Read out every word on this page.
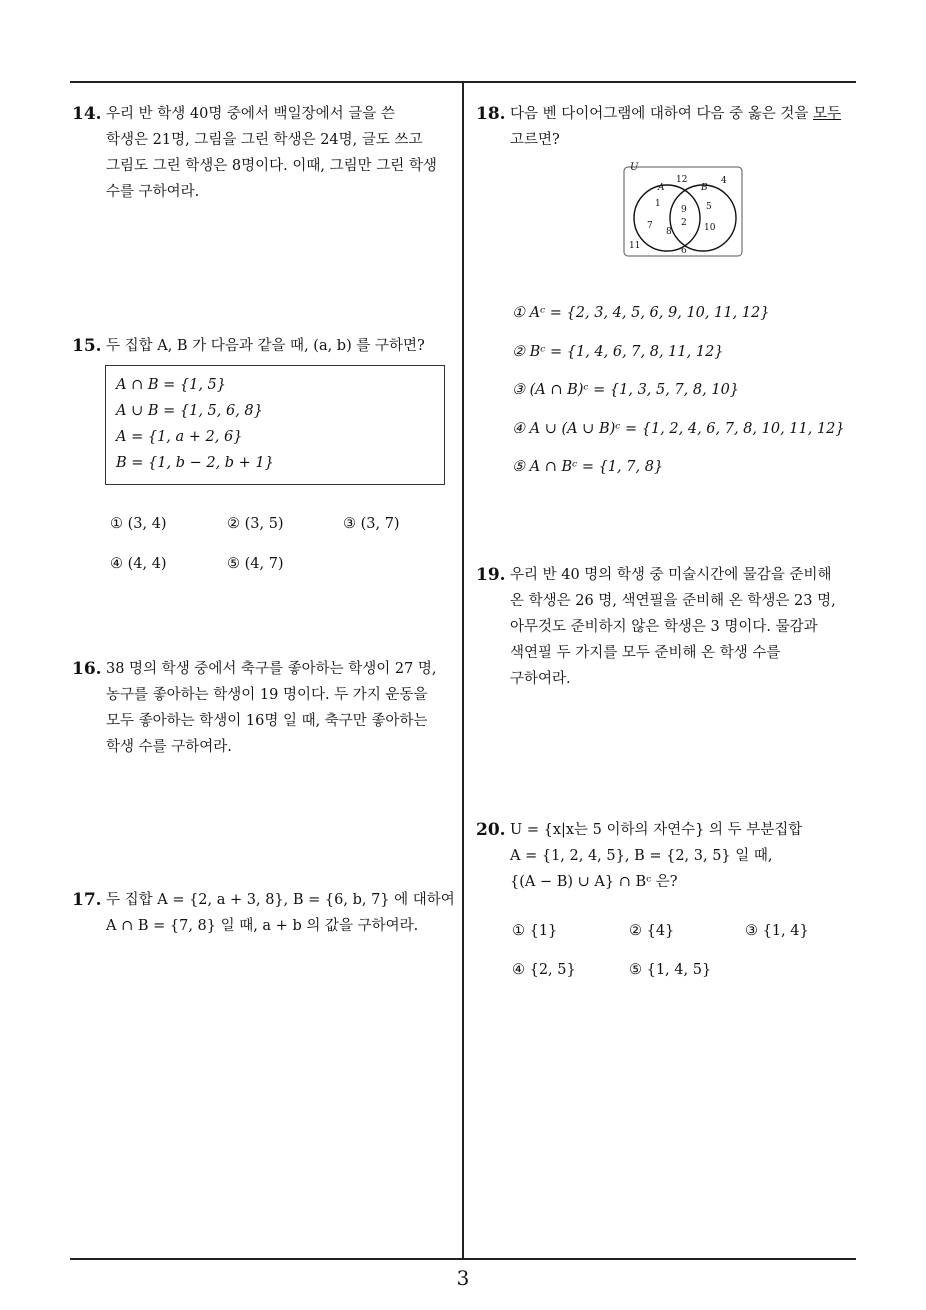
14. 우리 반 학생 40명 중에서 백일장에서 글을 쓴
학생은 21명, 그림을 그린 학생은 24명, 글도 쓰고
그림도 그린 학생은 8명이다. 이때, 그림만 그린 학생
수를 구하여라.
15. 두 집합 A, B 가 다음과 같을 때, (a, b) 를 구하면?
A ∩ B = {1, 5}
A ∪ B = {1, 5, 6, 8}
A = {1, a + 2, 6}
B = {1, b − 2, b + 1}
① (3, 4)	② (3, 5)	③ (3, 7)
④ (4, 4)	⑤ (4, 7)
16. 38 명의 학생 중에서 축구를 좋아하는 학생이 27 명,
농구를 좋아하는 학생이 19 명이다. 두 가지 운동을
모두 좋아하는 학생이 16명 일 때, 축구만 좋아하는
학생 수를 구하여라.
17. 두 집합 A = {2, a + 3, 8}, B = {6, b, 7} 에 대하여
A ∩ B = {7, 8} 일 때, a + b 의 값을 구하여라.
18. 다음 벤 다이어그램에 대하여 다음 중 옳은 것을 모두
고르면?
U
A	B
12	4
1
7
8
9
2
5
10
11	6
① Aᶜ = {2, 3, 4, 5, 6, 9, 10, 11, 12}
② Bᶜ = {1, 4, 6, 7, 8, 11, 12}
③ (A ∩ B)ᶜ = {1, 3, 5, 7, 8, 10}
④ A ∪ (A ∪ B)ᶜ = {1, 2, 4, 6, 7, 8, 10, 11, 12}
⑤ A ∩ Bᶜ = {1, 7, 8}
19. 우리 반 40 명의 학생 중 미술시간에 물감을 준비해
온 학생은 26 명, 색연필을 준비해 온 학생은 23 명,
아무것도 준비하지 않은 학생은 3 명이다. 물감과
색연필 두 가지를 모두 준비해 온 학생 수를
구하여라.
20. U = {x|x는 5 이하의 자연수} 의 두 부분집합
A = {1, 2, 4, 5}, B = {2, 3, 5} 일 때,
{(A − B) ∪ A} ∩ Bᶜ 은?
① {1}	② {4}	③ {1, 4}
④ {2, 5}	⑤ {1, 4, 5}
3
